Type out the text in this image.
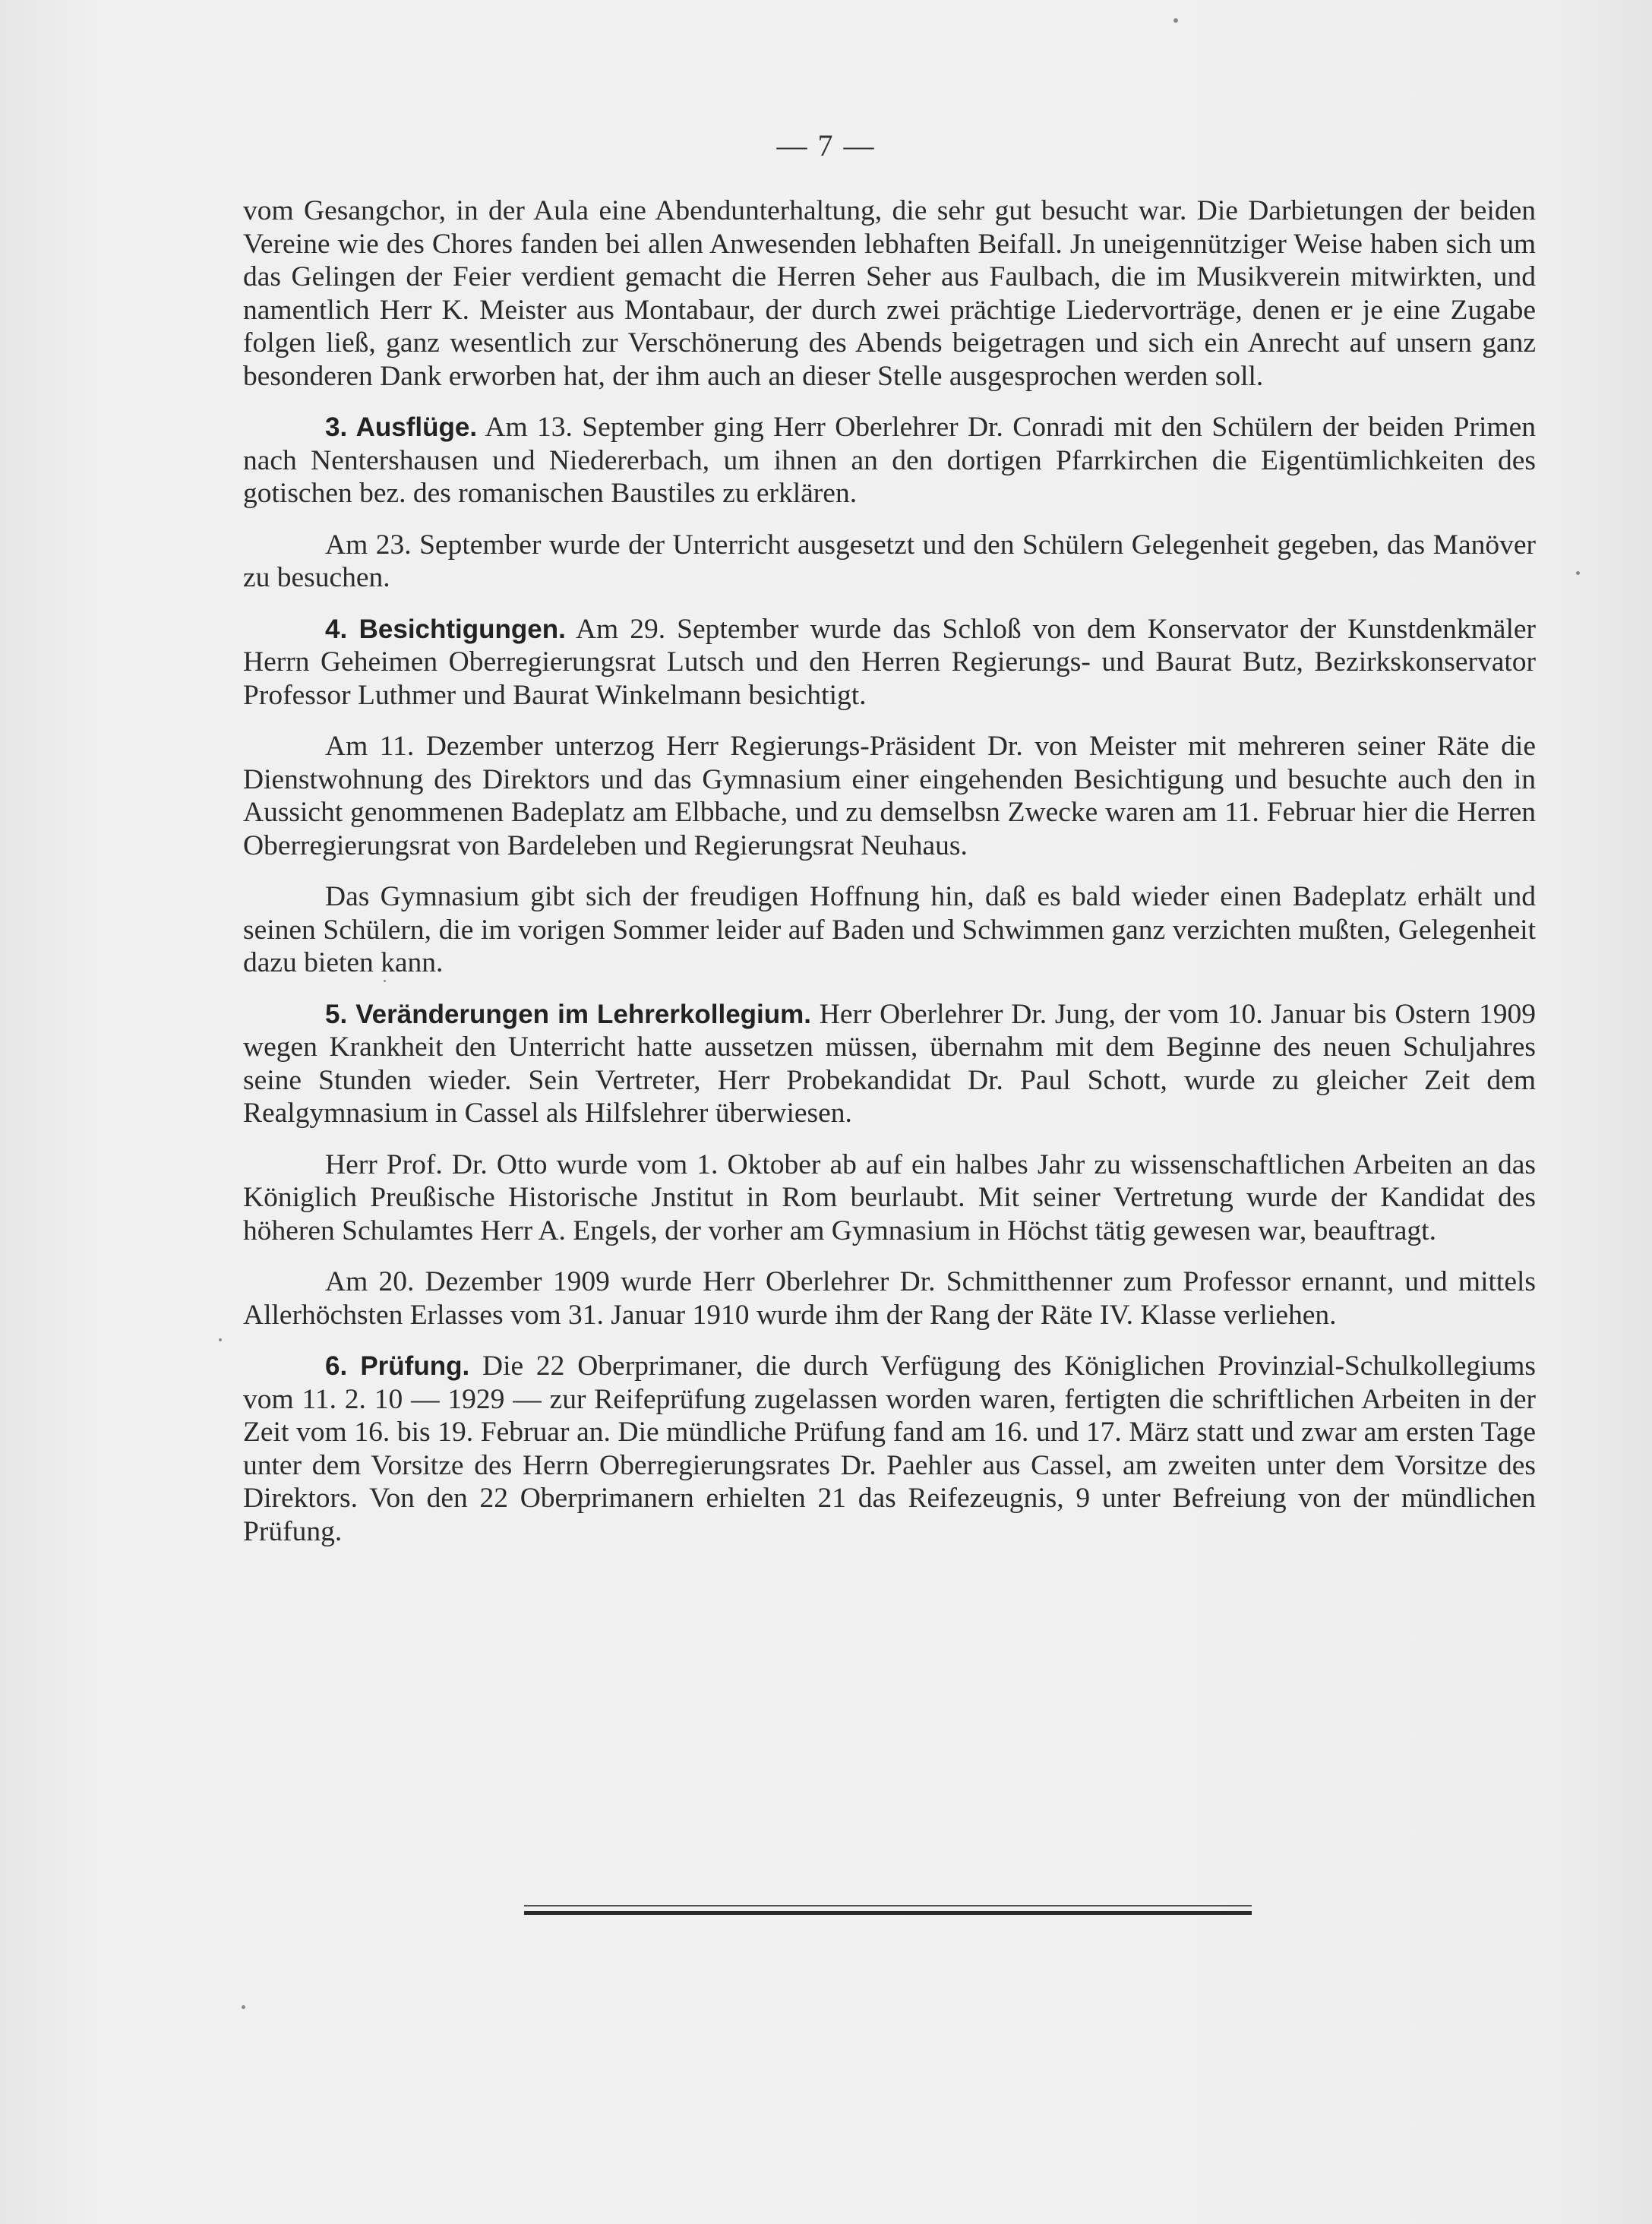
— 7 —

vom Gesangchor, in der Aula eine Abendunterhaltung, die sehr gut besucht war. Die Darbietungen der beiden Vereine wie des Chores fanden bei allen Anwesenden lebhaften Beifall. Jn uneigennütziger Weise haben sich um das Gelingen der Feier verdient gemacht die Herren Seher aus Faulbach, die im Musikverein mitwirkten, und namentlich Herr K. Meister aus Montabaur, der durch zwei prächtige Liedervorträge, denen er je eine Zugabe folgen ließ, ganz wesentlich zur Verschönerung des Abends beigetragen und sich ein Anrecht auf unsern ganz besonderen Dank erworben hat, der ihm auch an dieser Stelle ausgesprochen werden soll.

3. Ausflüge. Am 13. September ging Herr Oberlehrer Dr. Conradi mit den Schülern der beiden Primen nach Nentershausen und Niedererbach, um ihnen an den dortigen Pfarrkirchen die Eigentümlichkeiten des gotischen bez. des romanischen Baustiles zu erklären.

Am 23. September wurde der Unterricht ausgesetzt und den Schülern Gelegenheit gegeben, das Manöver zu besuchen.

4. Besichtigungen. Am 29. September wurde das Schloß von dem Konservator der Kunstdenkmäler Herrn Geheimen Oberregierungsrat Lutsch und den Herren Regierungs- und Baurat Butz, Bezirkskonservator Professor Luthmer und Baurat Winkelmann besichtigt.

Am 11. Dezember unterzog Herr Regierungs-Präsident Dr. von Meister mit mehreren seiner Räte die Dienstwohnung des Direktors und das Gymnasium einer eingehenden Besichtigung und besuchte auch den in Aussicht genommenen Badeplatz am Elbbache, und zu demselbsn Zwecke waren am 11. Februar hier die Herren Oberregierungsrat von Bardeleben und Regierungsrat Neuhaus.

Das Gymnasium gibt sich der freudigen Hoffnung hin, daß es bald wieder einen Badeplatz erhält und seinen Schülern, die im vorigen Sommer leider auf Baden und Schwimmen ganz verzichten mußten, Gelegenheit dazu bieten kann.

5. Veränderungen im Lehrerkollegium. Herr Oberlehrer Dr. Jung, der vom 10. Januar bis Ostern 1909 wegen Krankheit den Unterricht hatte aussetzen müssen, übernahm mit dem Beginne des neuen Schuljahres seine Stunden wieder. Sein Vertreter, Herr Probekandidat Dr. Paul Schott, wurde zu gleicher Zeit dem Realgymnasium in Cassel als Hilfslehrer überwiesen.

Herr Prof. Dr. Otto wurde vom 1. Oktober ab auf ein halbes Jahr zu wissenschaftlichen Arbeiten an das Königlich Preußische Historische Jnstitut in Rom beurlaubt. Mit seiner Vertretung wurde der Kandidat des höheren Schulamtes Herr A. Engels, der vorher am Gymnasium in Höchst tätig gewesen war, beauftragt.

Am 20. Dezember 1909 wurde Herr Oberlehrer Dr. Schmitthenner zum Professor ernannt, und mittels Allerhöchsten Erlasses vom 31. Januar 1910 wurde ihm der Rang der Räte IV. Klasse verliehen.

6. Prüfung. Die 22 Oberprimaner, die durch Verfügung des Königlichen Provinzial-Schulkollegiums vom 11. 2. 10 — 1929 — zur Reifeprüfung zugelassen worden waren, fertigten die schriftlichen Arbeiten in der Zeit vom 16. bis 19. Februar an. Die mündliche Prüfung fand am 16. und 17. März statt und zwar am ersten Tage unter dem Vorsitze des Herrn Oberregierungsrates Dr. Paehler aus Cassel, am zweiten unter dem Vorsitze des Direktors. Von den 22 Oberprimanern erhielten 21 das Reifezeugnis, 9 unter Befreiung von der mündlichen Prüfung.
